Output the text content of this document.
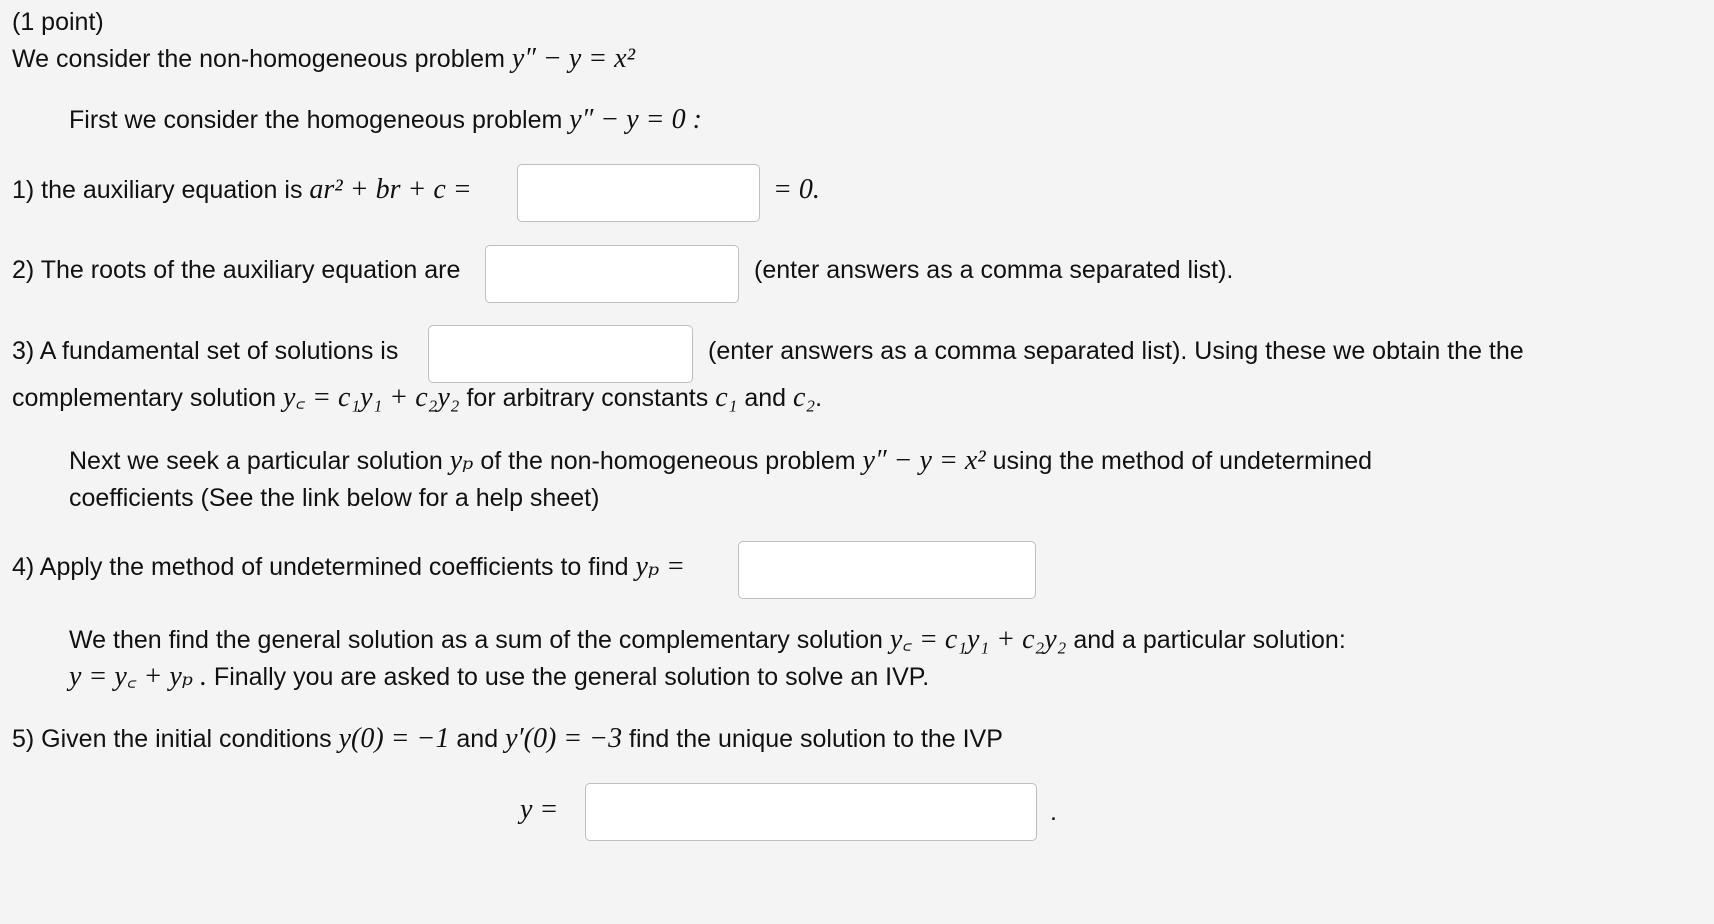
(1 point)
We consider the non-homogeneous problem y″ − y = x²
First we consider the homogeneous problem y″ − y = 0 :
1) the auxiliary equation is ar² + br + c =	= 0.
2) The roots of the auxiliary equation are	(enter answers as a comma separated list).
3) A fundamental set of solutions is	(enter answers as a comma separated list). Using these we obtain the the
complementary solution y꜀ = c₁y₁ + c₂y₂ for arbitrary constants c₁ and c₂.
Next we seek a particular solution yₚ of the non-homogeneous problem y″ − y = x² using the method of undetermined
coefficients (See the link below for a help sheet)
4) Apply the method of undetermined coefficients to find yₚ =
We then find the general solution as a sum of the complementary solution y꜀ = c₁y₁ + c₂y₂ and a particular solution:
y = y꜀ + yₚ . Finally you are asked to use the general solution to solve an IVP.
5) Given the initial conditions y(0) = −1 and y′(0) = −3 find the unique solution to the IVP
y =	.
